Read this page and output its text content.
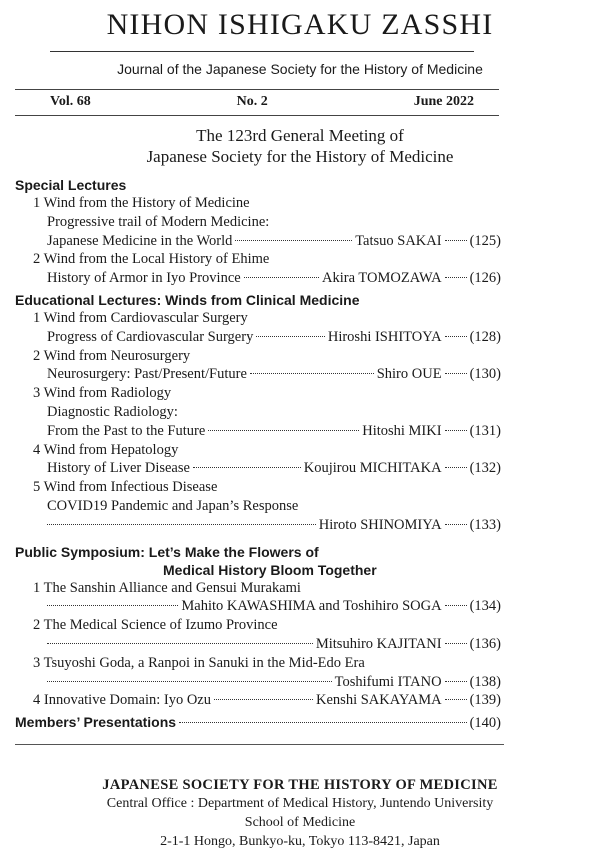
NIHON ISHIGAKU ZASSHI
Journal of the Japanese Society for the History of Medicine
Vol. 68	No. 2	June 2022
The 123rd General Meeting of
Japanese Society for the History of Medicine
Special Lectures
1 Wind from the History of Medicine
Progressive trail of Modern Medicine:
Japanese Medicine in the World	Tatsuo SAKAI (125)
2 Wind from the Local History of Ehime
History of Armor in Iyo Province	Akira TOMOZAWA (126)
Educational Lectures: Winds from Clinical Medicine
1 Wind from Cardiovascular Surgery
Progress of Cardiovascular Surgery	Hiroshi ISHITOYA (128)
2 Wind from Neurosurgery
Neurosurgery: Past/Present/Future	Shiro OUE (130)
3 Wind from Radiology
Diagnostic Radiology:
From the Past to the Future	Hitoshi MIKI (131)
4 Wind from Hepatology
History of Liver Disease	Koujirou MICHITAKA (132)
5 Wind from Infectious Disease
COVID19 Pandemic and Japan’s Response
Hiroto SHINOMIYA (133)
Public Symposium: Let’s Make the Flowers of
Medical History Bloom Together
1 The Sanshin Alliance and Gensui Murakami
Mahito KAWASHIMA and Toshihiro SOGA (134)
2 The Medical Science of Izumo Province
Mitsuhiro KAJITANI (136)
3 Tsuyoshi Goda, a Ranpoi in Sanuki in the Mid-Edo Era
Toshifumi ITANO (138)
4 Innovative Domain: Iyo Ozu	Kenshi SAKAYAMA (139)
Members’ Presentations	(140)
JAPANESE SOCIETY FOR THE HISTORY OF MEDICINE
Central Office : Department of Medical History, Juntendo University
School of Medicine
2-1-1 Hongo, Bunkyo-ku, Tokyo 113-8421, Japan
